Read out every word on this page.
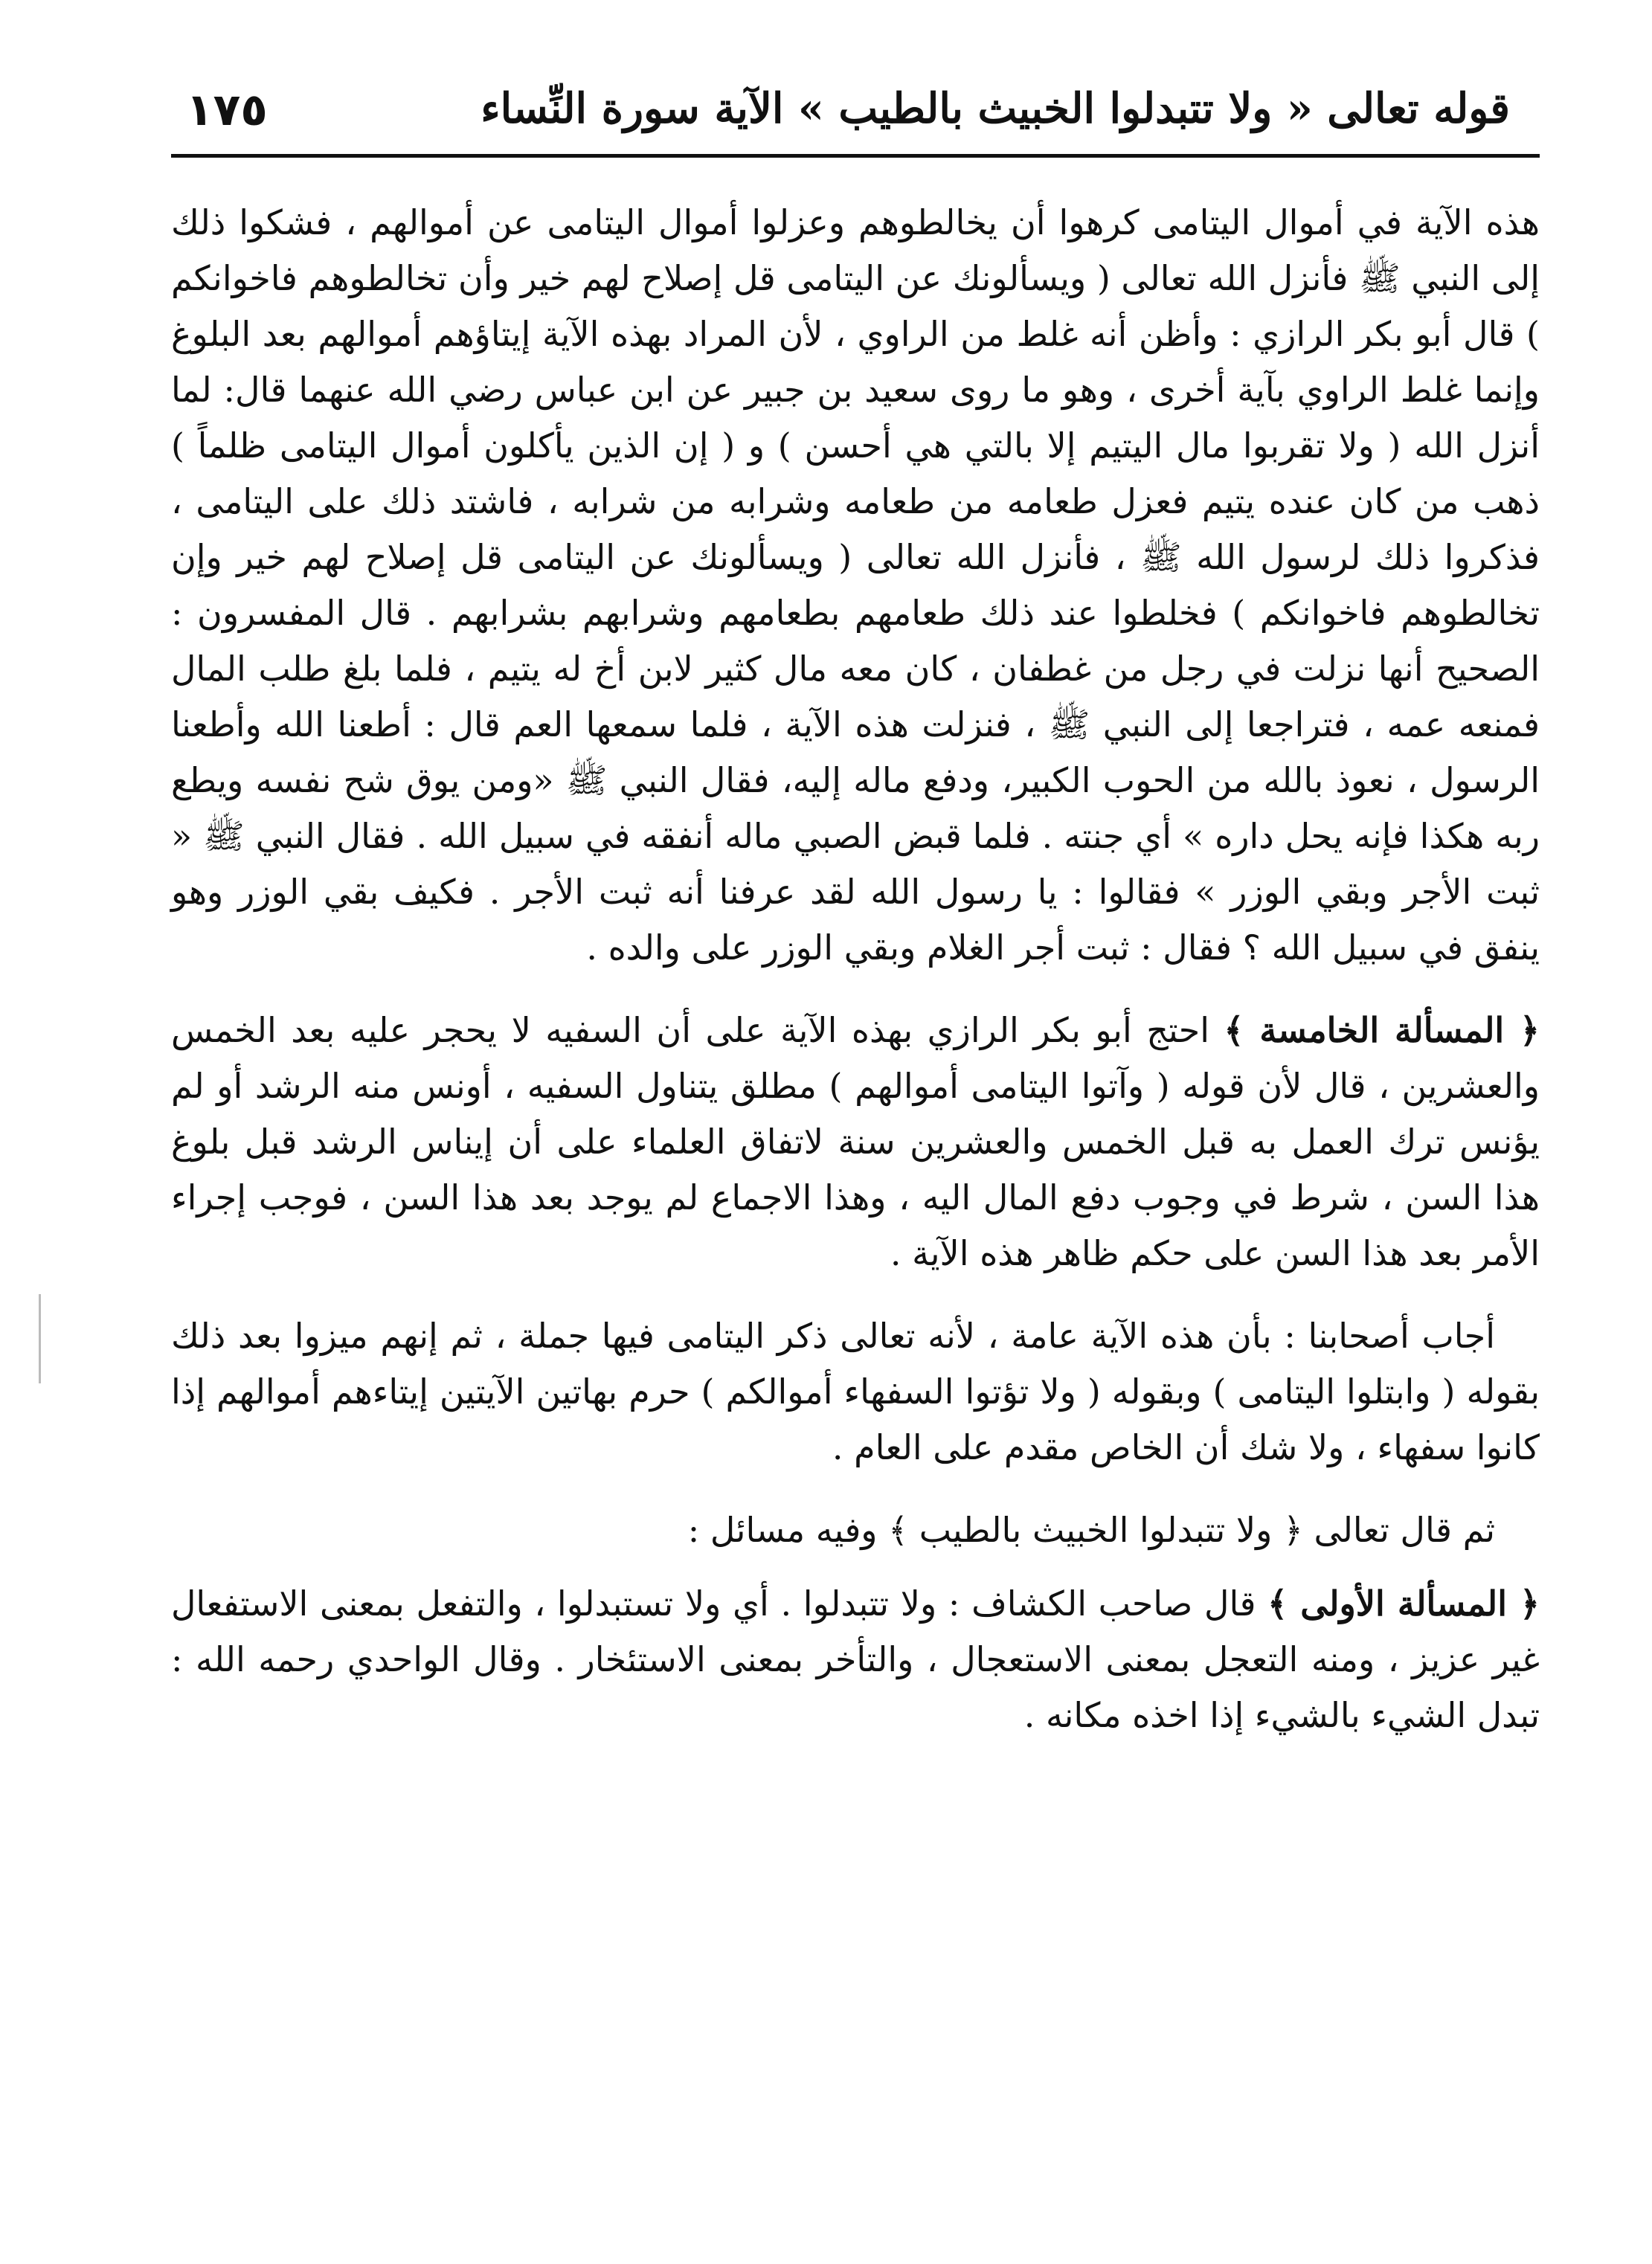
١٧٥	قوله تعالى « ولا تتبدلوا الخبيث بالطيب » الآية سورة النِّساء

هذه الآية في أموال اليتامى كرهوا أن يخالطوهم وعزلوا أموال اليتامى عن أموالهم ، فشكوا ذلك إلى النبي ﷺ فأنزل الله تعالى ( ويسألونك عن اليتامى قل إصلاح لهم خير وأن تخالطوهم فاخوانكم ) قال أبو بكر الرازي : وأظن أنه غلط من الراوي ، لأن المراد بهذه الآية إيتاؤهم أموالهم بعد البلوغ وإنما غلط الراوي بآية أخرى ، وهو ما روى سعيد بن جبير عن ابن عباس رضي الله عنهما قال: لما أنزل الله ( ولا تقربوا مال اليتيم إلا بالتي هي أحسن ) و ( إن الذين يأكلون أموال اليتامى ظلماً ) ذهب من كان عنده يتيم فعزل طعامه من طعامه وشرابه من شرابه ، فاشتد ذلك على اليتامى ، فذكروا ذلك لرسول الله ﷺ ، فأنزل الله تعالى ( ويسألونك عن اليتامى قل إصلاح لهم خير وإن تخالطوهم فاخوانكم ) فخلطوا عند ذلك طعامهم بطعامهم وشرابهم بشرابهم . قال المفسرون : الصحيح أنها نزلت في رجل من غطفان ، كان معه مال كثير لابن أخ له يتيم ، فلما بلغ طلب المال فمنعه عمه ، فتراجعا إلى النبي ﷺ ، فنزلت هذه الآية ، فلما سمعها العم قال : أطعنا الله وأطعنا الرسول ، نعوذ بالله من الحوب الكبير، ودفع ماله إليه، فقال النبي ﷺ «ومن يوق شح نفسه ويطع ربه هكذا فإنه يحل داره » أي جنته . فلما قبض الصبي ماله أنفقه في سبيل الله . فقال النبي ﷺ « ثبت الأجر وبقي الوزر » فقالوا : يا رسول الله لقد عرفنا أنه ثبت الأجر . فكيف بقي الوزر وهو ينفق في سبيل الله ؟ فقال : ثبت أجر الغلام وبقي الوزر على والده .

﴿ المسألة الخامسة ﴾ احتج أبو بكر الرازي بهذه الآية على أن السفيه لا يحجر عليه بعد الخمس والعشرين ، قال لأن قوله ( وآتوا اليتامى أموالهم ) مطلق يتناول السفيه ، أونس منه الرشد أو لم يؤنس ترك العمل به قبل الخمس والعشرين سنة لاتفاق العلماء على أن إيناس الرشد قبل بلوغ هذا السن ، شرط في وجوب دفع المال اليه ، وهذا الاجماع لم يوجد بعد هذا السن ، فوجب إجراء الأمر بعد هذا السن على حكم ظاهر هذه الآية .

أجاب أصحابنا : بأن هذه الآية عامة ، لأنه تعالى ذكر اليتامى فيها جملة ، ثم إنهم ميزوا بعد ذلك بقوله ( وابتلوا اليتامى ) وبقوله ( ولا تؤتوا السفهاء أموالكم ) حرم بهاتين الآيتين إيتاءهم أموالهم إذا كانوا سفهاء ، ولا شك أن الخاص مقدم على العام .

ثم قال تعالى ﴿ ولا تتبدلوا الخبيث بالطيب ﴾ وفيه مسائل :

﴿ المسألة الأولى ﴾ قال صاحب الكشاف : ولا تتبدلوا . أي ولا تستبدلوا ، والتفعل بمعنى الاستفعال غير عزيز ، ومنه التعجل بمعنى الاستعجال ، والتأخر بمعنى الاستئخار . وقال الواحدي رحمه الله : تبدل الشيء بالشيء إذا اخذه مكانه .
